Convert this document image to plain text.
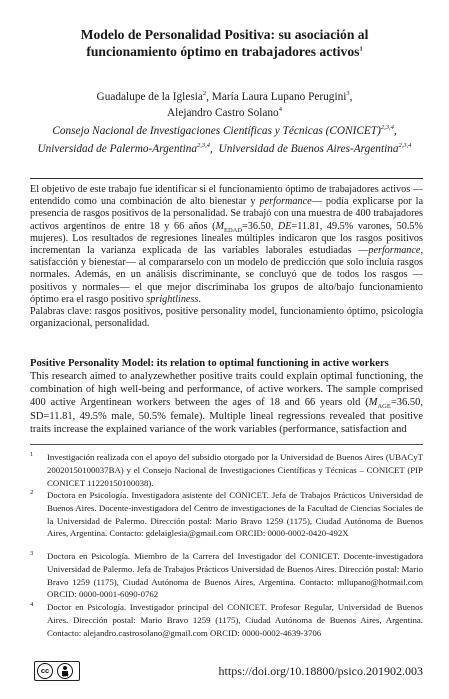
Modelo de Personalidad Positiva: su asociación al
funcionamiento óptimo en trabajadores activos$^1$
Guadalupe de la Iglesia$^2$, María Laura Lupano Perugini$^3$,
Alejandro Castro Solano$^4$
Consejo Nacional de Investigaciones Científicas y Técnicas (CONICET)$^{2,3,4}$,
Universidad de Palermo-Argentina$^{2,3,4}$,  Universidad de Buenos Aires-Argentina$^{2,3,4}$

El objetivo de este trabajo fue identificar si el funcionamiento óptimo de trabajadores activos —entendido como una combinación de alto bienestar y performance— podía explicarse por la presencia de rasgos positivos de la personalidad. Se trabajó con una muestra de 400 trabajadores activos argentinos de entre 18 y 66 años ($M_{EDAD}=36.50$, DE=11.81, 49.5% varones, 50.5% mujeres). Los resultados de regresiones lineales múltiples indicaron que los rasgos positivos incrementan la varianza explicada de las variables laborales estudiadas —performance, satisfacción y bienestar— al compararselo con un modelo de predicción que solo incluía rasgos normales. Además, en un análisis discriminante, se concluyó que de todos los rasgos —positivos y normales— el que mejor discriminaba los grupos de alto/bajo funcionamiento óptimo era el rasgo positivo sprightliness.

Palabras clave: rasgos positivos, positive personality model, funcionamiento óptimo, psicología organizacional, personalidad.

Positive Personality Model: its relation to optimal functioning in active workers
This research aimed to analyzewhether positive traits could explain optimal functioning, the combination of high well-being and performance, of active workers. The sample comprised 400 active Argentinean workers between the ages of 18 and 66 years old ($M_{AGE}=36.50$, SD=11.81, 49.5% male, 50.5% female). Multiple lineal regressions revealed that positive traits increase the explained variance of the work variables (performance, satisfaction and
1 Investigación realizada con el apoyo del subsidio otorgado por la Universidad de Buenos Aires (UBACyT 20020150100037BA) y el Consejo Nacional de Investigaciones Científicas y Técnicas – CONICET (PIP CONICET 11220150100038).
2 Doctora en Psicología. Investigadora asistente del CONICET. Jefa de Trabajos Prácticos Universidad de Buenos Aires. Docente-investigadora del Centro de investigaciones de la Facultad de Ciencias Sociales de la Universidad de Palermo. Dirección postal: Mario Bravo 1259 (1175), Ciudad Autónoma de Buenos Aires, Argentina. Contacto: gdelaiglesia@gmail.com ORCID: 0000-0002-0420-492X
3 Doctora en Psicología. Miembro de la Carrera del Investigador del CONICET. Docente-investigadora Universidad de Palermo. Jefa de Trabajos Prácticos Universidad de Buenos Aires. Dirección postal: Mario Bravo 1259 (1175), Ciudad Autónoma de Buenos Aires, Argentina. Contacto: mllupano@hotmail.com ORCID: 0000-0001-6090-0762
4 Doctor en Psicología. Investigador principal del CONICET. Profesor Regular, Universidad de Buenos Aires. Dirección postal: Mario Bravo 1259 (1175), Ciudad Autónoma de Buenos Aires, Argentina. Contacto: alejandro.castrosolano@gmail.com ORCID: 0000-0002-4639-3706
cc
BY	https://doi.org/10.18800/psico.201902.003
